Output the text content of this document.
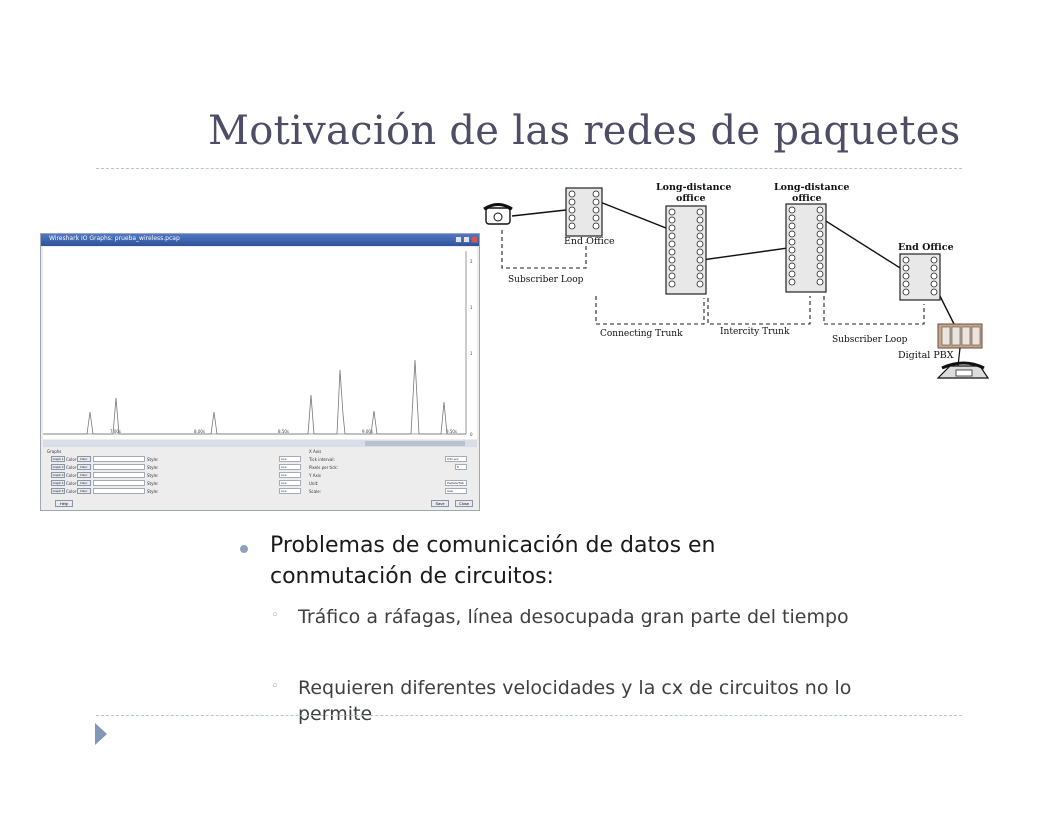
Motivación de las redes de paquetes
Wireshark IO Graphs: prueba_wireless.pcap
2
1
1
0
7.00s	8.00s	8.50s	9.00s	9.50s
Graphs
Graph 1 Color	Filter:	Style:	Line
Graph 2 Color	Filter:	Style:	Line
Graph 3 Color	Filter:	Style:	Line
Graph 4 Color	Filter:	Style:	Line
Graph 5 Color	Filter:	Style:	Line
X Axis
Tick interval:	0.01 sec
Pixels per tick:	5
Y Axis
Unit:	Packets/Tick
Scale:	Auto
Help	Save	Close
End Office
Long-distance
office
Long-distance
office
End Office
Subscriber Loop
Connecting Trunk	Intercity Trunk
Subscriber Loop
Digital PBX
Problemas de comunicación de datos en conmutación de circuitos:
◦ Tráfico a ráfagas, línea desocupada gran parte del tiempo
◦ Requieren diferentes velocidades y la cx de circuitos no lo permite
